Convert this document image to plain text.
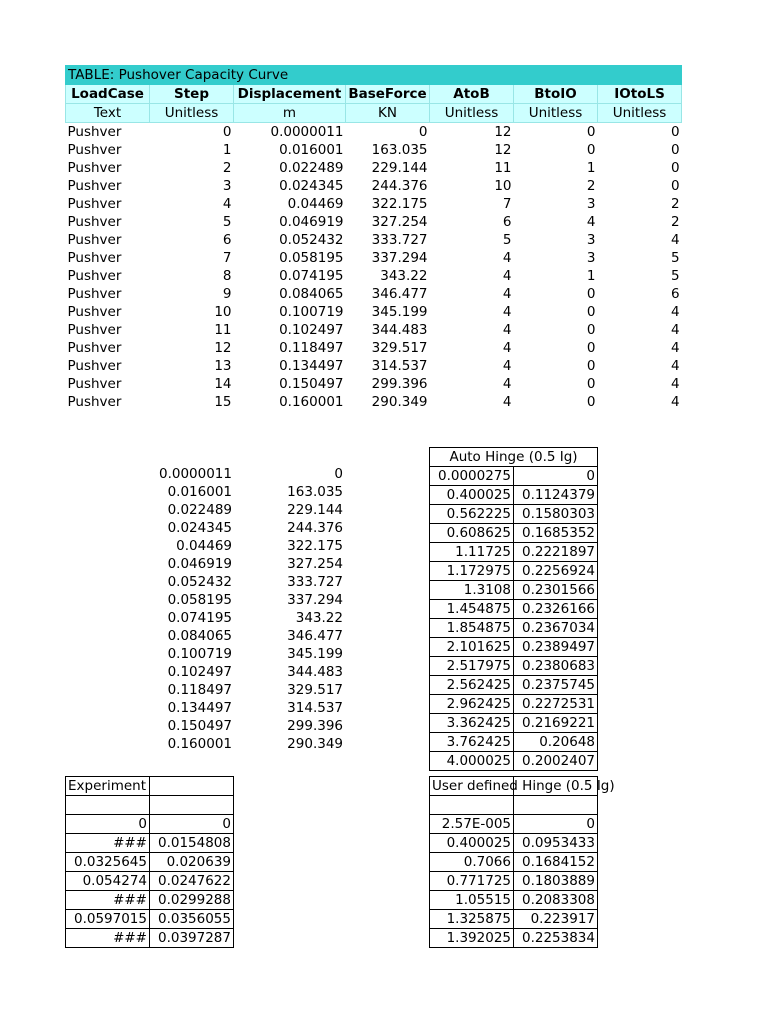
TABLE: Pushover Capacity Curve						
LoadCase	Step	Displacement	BaseForce	AtoB	BtoIO	IOtoLS
Text	Unitless	m	KN	Unitless	Unitless	Unitless
Pushver	0	0.0000011	0	12	0	0
Pushver	1	0.016001	163.035	12	0	0
Pushver	2	0.022489	229.144	11	1	0
Pushver	3	0.024345	244.376	10	2	0
Pushver	4	0.04469	322.175	7	3	2
Pushver	5	0.046919	327.254	6	4	2
Pushver	6	0.052432	333.727	5	3	4
Pushver	7	0.058195	337.294	4	3	5
Pushver	8	0.074195	343.22	4	1	5
Pushver	9	0.084065	346.477	4	0	6
Pushver	10	0.100719	345.199	4	0	4
Pushver	11	0.102497	344.483	4	0	4
Pushver	12	0.118497	329.517	4	0	4
Pushver	13	0.134497	314.537	4	0	4
Pushver	14	0.150497	299.396	4	0	4
Pushver	15	0.160001	290.349	4	0	4
0.0000011	0
0.016001	163.035
0.022489	229.144
0.024345	244.376
0.04469	322.175
0.046919	327.254
0.052432	333.727
0.058195	337.294
0.074195	343.22
0.084065	346.477
0.100719	345.199
0.102497	344.483
0.118497	329.517
0.134497	314.537
0.150497	299.396
0.160001	290.349
Auto Hinge (0.5 Ig)	
0.0000275	0
0.400025	0.1124379
0.562225	0.1580303
0.608625	0.1685352
1.11725	0.2221897
1.172975	0.2256924
1.3108	0.2301566
1.454875	0.2326166
1.854875	0.2367034
2.101625	0.2389497
2.517975	0.2380683
2.562425	0.2375745
2.962425	0.2272531
3.362425	0.2169221
3.762425	0.20648
4.000025	0.2002407
Experiment	

0	0
###	0.0154808
0.0325645	0.020639
0.054274	0.0247622
###	0.0299288
0.0597015	0.0356055
###	0.0397287
User defined Hinge (0.5 Ig)	

2.57E-005	0
0.400025	0.0953433
0.7066	0.1684152
0.771725	0.1803889
1.05515	0.2083308
1.325875	0.223917
1.392025	0.2253834
